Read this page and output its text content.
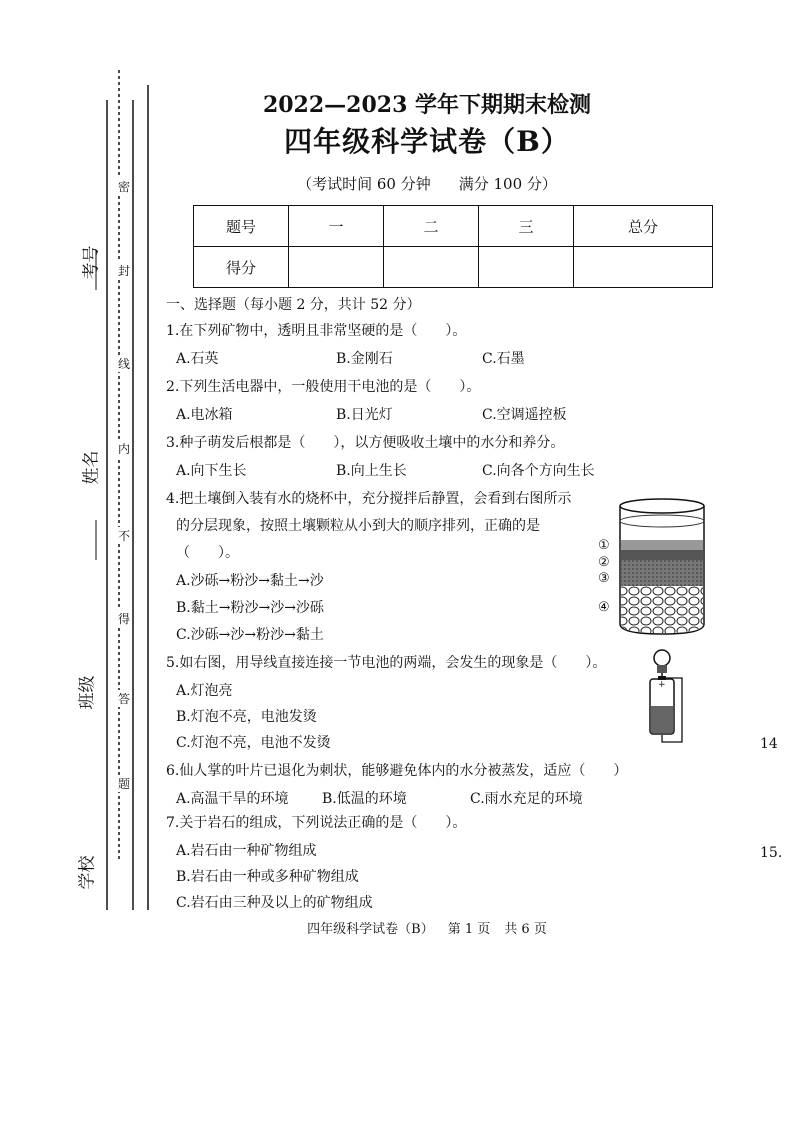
考号
姓名
班级
学校
密
封
线
内
不
得
答
题
2022—2023 学年下期期末检测
四年级科学试卷（B）
（考试时间 60 分钟 满分 100 分）
题号	一	二	三	总分
得分				
一、选择题（每小题 2 分，共计 52 分）
1.在下列矿物中，透明且非常坚硬的是（　　）。
A.石英	B.金刚石	C.石墨
2.下列生活电器中，一般使用干电池的是（　　）。
A.电冰箱	B.日光灯	C.空调遥控板
3.种子萌发后根都是（　　），以方便吸收土壤中的水分和养分。
A.向下生长	B.向上生长	C.向各个方向生长
4.把土壤倒入装有水的烧杯中，充分搅拌后静置，会看到右图所示
的分层现象，按照土壤颗粒从小到大的顺序排列，正确的是
（　　）。
A.沙砾→粉沙→黏土→沙
B.黏土→粉沙→沙→沙砾
C.沙砾→沙→粉沙→黏土
①
②
③
④
5.如右图，用导线直接连接一节电池的两端，会发生的现象是（　　）。
A.灯泡亮
B.灯泡不亮，电池发烫
C.灯泡不亮，电池不发烫
+
6.仙人掌的叶片已退化为刺状，能够避免体内的水分被蒸发，适应（　　）
A.高温干旱的环境 B.低温的环境	C.雨水充足的环境
7.关于岩石的组成，下列说法正确的是（　　）。
A.岩石由一种矿物组成
B.岩石由一种或多种矿物组成
C.岩石由三种及以上的矿物组成
四年级科学试卷（B） 第 1 页 共 6 页
14
15.
